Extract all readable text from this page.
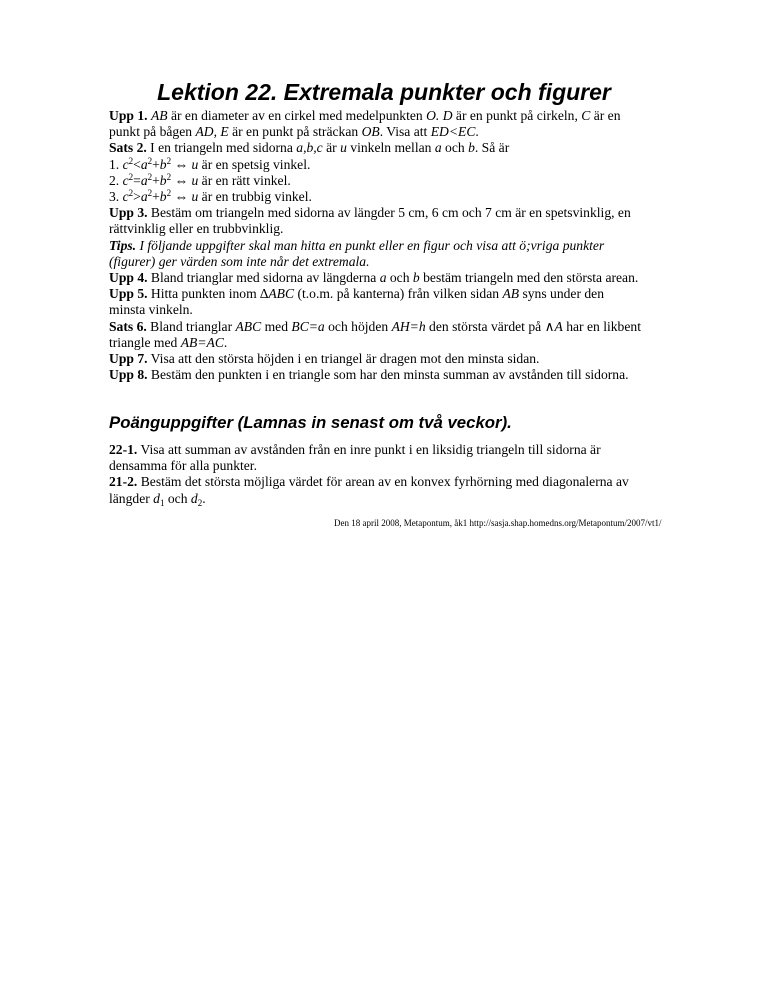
Lektion 22. Extremala punkter och figurer
Upp 1. AB är en diameter av en cirkel med medelpunkten O. D är en punkt på cirkeln, C är en
punkt på bågen AD, E är en punkt på sträckan OB. Visa att ED<EC.
Sats 2. I en triangeln med sidorna a,b,c är u vinkeln mellan a och b. Så är
1. $c^2<a^2+b^2$ ⇔ u är en spetsig vinkel.
2. $c^2=a^2+b^2$ ⇔ u är en rätt vinkel.
3. $c^2>a^2+b^2$ ⇔ u är en trubbig vinkel.
Upp 3. Bestäm om triangeln med sidorna av längder 5 cm, 6 cm och 7 cm är en spetsvinklig, en
rättvinklig eller en trubbvinklig.
Tips. I följande uppgifter skal man hitta en punkt eller en figur och visa att ö;vriga punkter
(figurer) ger värden som inte når det extremala.
Upp 4. Bland trianglar med sidorna av längderna a och b bestäm triangeln med den största arean.
Upp 5. Hitta punkten inom ∆ABC (t.o.m. på kanterna) från vilken sidan AB syns under den
minsta vinkeln.
Sats 6. Bland trianglar ABC med BC=a och höjden AH=h den största värdet på ∧A har en likbent
triangle med AB=AC.
Upp 7. Visa att den största höjden i en triangel är dragen mot den minsta sidan.
Upp 8. Bestäm den punkten i en triangle som har den minsta summan av avstånden till sidorna.
Poänguppgifter (Lamnas in senast om två veckor).
22-1. Visa att summan av avstånden från en inre punkt i en liksidig triangeln till sidorna är
densamma för alla punkter.
21-2. Bestäm det största möjliga värdet för arean av en konvex fyrhörning med diagonalerna av
längder $d_1$ och $d_2$.
Den 18 april 2008, Metapontum, åk1 http://sasja.shap.homedns.org/Metapontum/2007/vt1/
